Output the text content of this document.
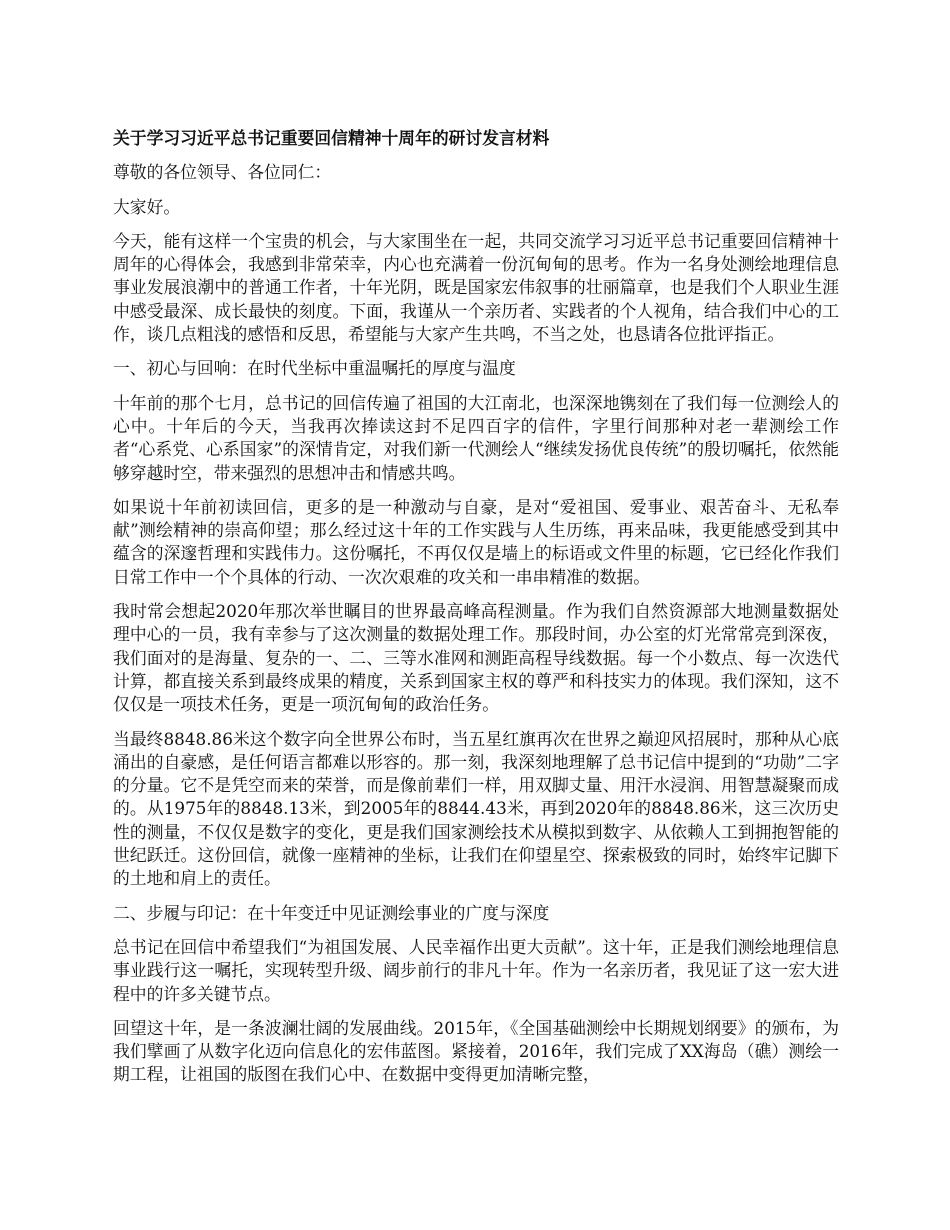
关于学习习近平总书记重要回信精神十周年的研讨发言材料

尊敬的各位领导、各位同仁：

大家好。

今天，能有这样一个宝贵的机会，与大家围坐在一起，共同交流学习习近平总书记重要回信精神十周年的心得体会，我感到非常荣幸，内心也充满着一份沉甸甸的思考。作为一名身处测绘地理信息事业发展浪潮中的普通工作者，十年光阴，既是国家宏伟叙事的壮丽篇章，也是我们个人职业生涯中感受最深、成长最快的刻度。下面，我谨从一个亲历者、实践者的个人视角，结合我们中心的工作，谈几点粗浅的感悟和反思，希望能与大家产生共鸣，不当之处，也恳请各位批评指正。

一、初心与回响：在时代坐标中重温嘱托的厚度与温度

十年前的那个七月，总书记的回信传遍了祖国的大江南北，也深深地镌刻在了我们每一位测绘人的心中。十年后的今天，当我再次捧读这封不足四百字的信件，字里行间那种对老一辈测绘工作者“心系党、心系国家”的深情肯定，对我们新一代测绘人“继续发扬优良传统”的殷切嘱托，依然能够穿越时空，带来强烈的思想冲击和情感共鸣。

如果说十年前初读回信，更多的是一种激动与自豪，是对“爱祖国、爱事业、艰苦奋斗、无私奉献”测绘精神的崇高仰望；那么经过这十年的工作实践与人生历练，再来品味，我更能感受到其中蕴含的深邃哲理和实践伟力。这份嘱托，不再仅仅是墙上的标语或文件里的标题，它已经化作我们日常工作中一个个具体的行动、一次次艰难的攻关和一串串精准的数据。

我时常会想起2020年那次举世瞩目的世界最高峰高程测量。作为我们自然资源部大地测量数据处理中心的一员，我有幸参与了这次测量的数据处理工作。那段时间，办公室的灯光常常亮到深夜，我们面对的是海量、复杂的一、二、三等水准网和测距高程导线数据。每一个小数点、每一次迭代计算，都直接关系到最终成果的精度，关系到国家主权的尊严和科技实力的体现。我们深知，这不仅仅是一项技术任务，更是一项沉甸甸的政治任务。

当最终8848.86米这个数字向全世界公布时，当五星红旗再次在世界之巅迎风招展时，那种从心底涌出的自豪感，是任何语言都难以形容的。那一刻，我深刻地理解了总书记信中提到的“功勋”二字的分量。它不是凭空而来的荣誉，而是像前辈们一样，用双脚丈量、用汗水浸润、用智慧凝聚而成的。从1975年的8848.13米，到2005年的8844.43米，再到2020年的8848.86米，这三次历史性的测量，不仅仅是数字的变化，更是我们国家测绘技术从模拟到数字、从依赖人工到拥抱智能的世纪跃迁。这份回信，就像一座精神的坐标，让我们在仰望星空、探索极致的同时，始终牢记脚下的土地和肩上的责任。

二、步履与印记：在十年变迁中见证测绘事业的广度与深度

总书记在回信中希望我们“为祖国发展、人民幸福作出更大贡献”。这十年，正是我们测绘地理信息事业践行这一嘱托，实现转型升级、阔步前行的非凡十年。作为一名亲历者，我见证了这一宏大进程中的许多关键节点。

回望这十年，是一条波澜壮阔的发展曲线。2015年，《全国基础测绘中长期规划纲要》的颁布，为我们擘画了从数字化迈向信息化的宏伟蓝图。紧接着，2016年，我们完成了XX海岛（礁）测绘一期工程，让祖国的版图在我们心中、在数据中变得更加清晰完整，
